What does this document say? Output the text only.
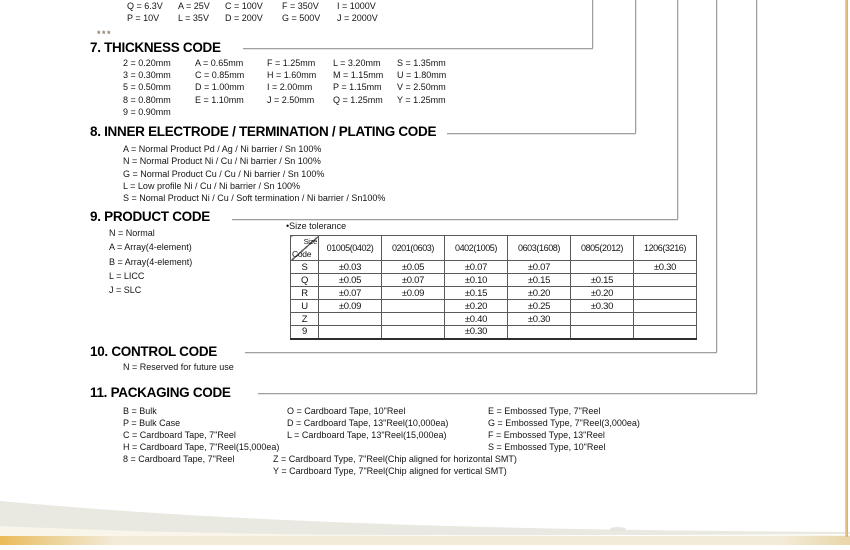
Q = 6.3V	A = 25V	C = 100V	F = 350V	I = 1000V
P = 10V	L = 35V	D = 200V	G = 500V	J = 2000V
***
7. THICKNESS CODE
2 = 0.20mm	A = 0.65mm	F = 1.25mm	L = 3.20mm	S = 1.35mm
3 = 0.30mm	C = 0.85mm	H = 1.60mm	M = 1.15mm	U = 1.80mm
5 = 0.50mm	D = 1.00mm	I = 2.00mm	P = 1.15mm	V = 2.50mm
8 = 0.80mm	E = 1.10mm	J = 2.50mm	Q = 1.25mm	Y = 1.25mm
9 = 0.90mm
8. INNER ELECTRODE / TERMINATION / PLATING CODE
A = Normal Product Pd / Ag / Ni barrier / Sn 100%
N = Normal Product Ni / Cu / Ni barrier / Sn 100%
G = Normal Product Cu / Cu / Ni barrier / Sn 100%
L = Low profile Ni / Cu / Ni barrier / Sn 100%
S = Nomal Product Ni / Cu / Soft termination / Ni barrier / Sn100%
9. PRODUCT CODE
N = Normal
A = Array(4-element)
B = Array(4-element)
L = LICC
J = SLC
•Size tolerance
Size
Code	01005(0402)	0201(0603)	0402(1005)	0603(1608)	0805(2012)	1206(3216)
S	±0.03	±0.05	±0.07	±0.07		±0.30
Q	±0.05	±0.07	±0.10	±0.15	±0.15	
R	±0.07	±0.09	±0.15	±0.20	±0.20	
U	±0.09		±0.20	±0.25	±0.30	
Z			±0.40	±0.30		
9			±0.30			
10. CONTROL CODE
N = Reserved for future use
11. PACKAGING CODE
B = Bulk
P = Bulk Case
C = Cardboard Tape, 7"Reel
H = Cardboard Tape, 7"Reel(15,000ea)
8 = Cardboard Tape, 7"Reel
O = Cardboard Tape, 10"Reel
D = Cardboard Tape, 13"Reel(10,000ea)
L = Cardboard Tape, 13"Reel(15,000ea)
Z = Cardboard Type, 7"Reel(Chip aligned for horizontal SMT)
Y = Cardboard Type, 7"Reel(Chip aligned for vertical SMT)
E = Embossed Type, 7"Reel
G = Embossed Type, 7"Reel(3,000ea)
F = Embossed Type, 13"Reel
S = Embossed Type, 10"Reel
